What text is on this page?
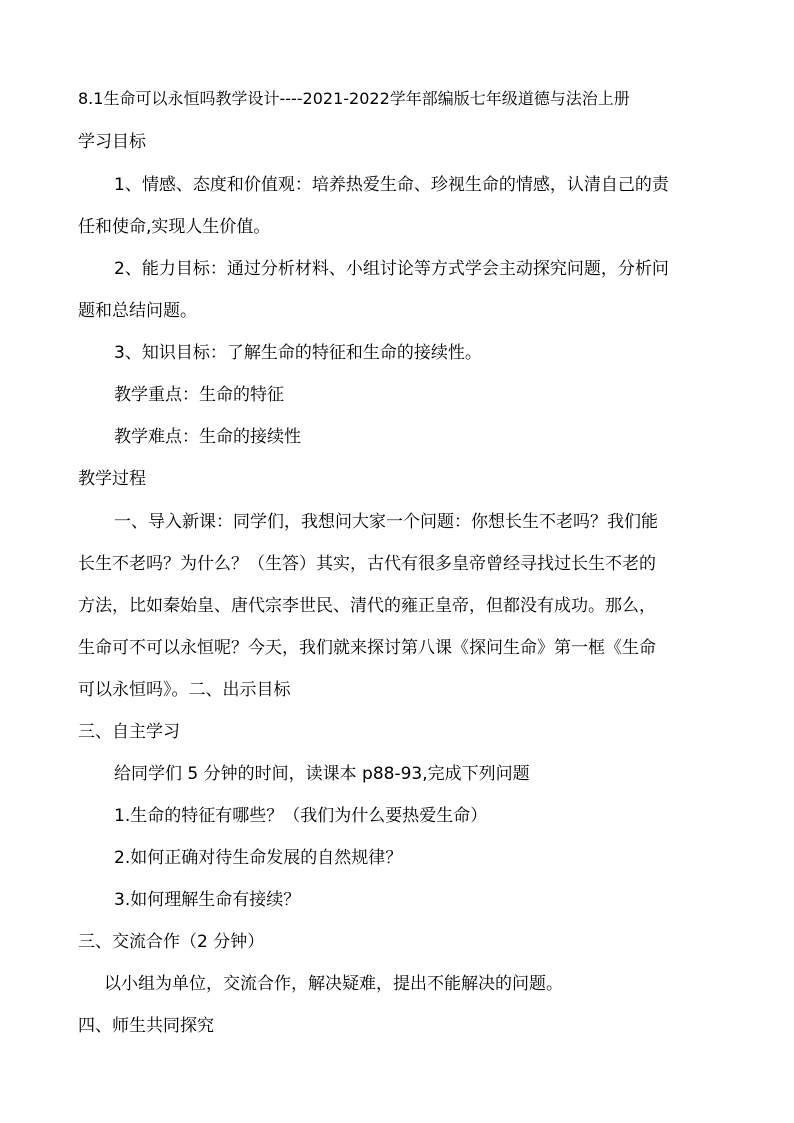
8.1生命可以永恒吗教学设计----2021-2022学年部编版七年级道德与法治上册
学习目标
1、情感、态度和价值观：培养热爱生命、珍视生命的情感，认清自己的责
任和使命,实现人生价值。
2、能力目标：通过分析材料、小组讨论等方式学会主动探究问题，分析问
题和总结问题。
3、知识目标：了解生命的特征和生命的接续性。
教学重点：生命的特征
教学难点：生命的接续性
教学过程
一、导入新课：同学们，我想问大家一个问题：你想长生不老吗？我们能
长生不老吗？为什么？（生答）其实，古代有很多皇帝曾经寻找过长生不老的
方法，比如秦始皇、唐代宗李世民、清代的雍正皇帝，但都没有成功。那么，
生命可不可以永恒呢？今天，我们就来探讨第八课《探问生命》第一框《生命
可以永恒吗》。二、出示目标
三、自主学习
给同学们 5 分钟的时间，读课本 p88-93,完成下列问题
1.生命的特征有哪些？（我们为什么要热爱生命）
2.如何正确对待生命发展的自然规律？
3.如何理解生命有接续？
三、交流合作（2 分钟）
以小组为单位，交流合作，解决疑难，提出不能解决的问题。
四、师生共同探究
